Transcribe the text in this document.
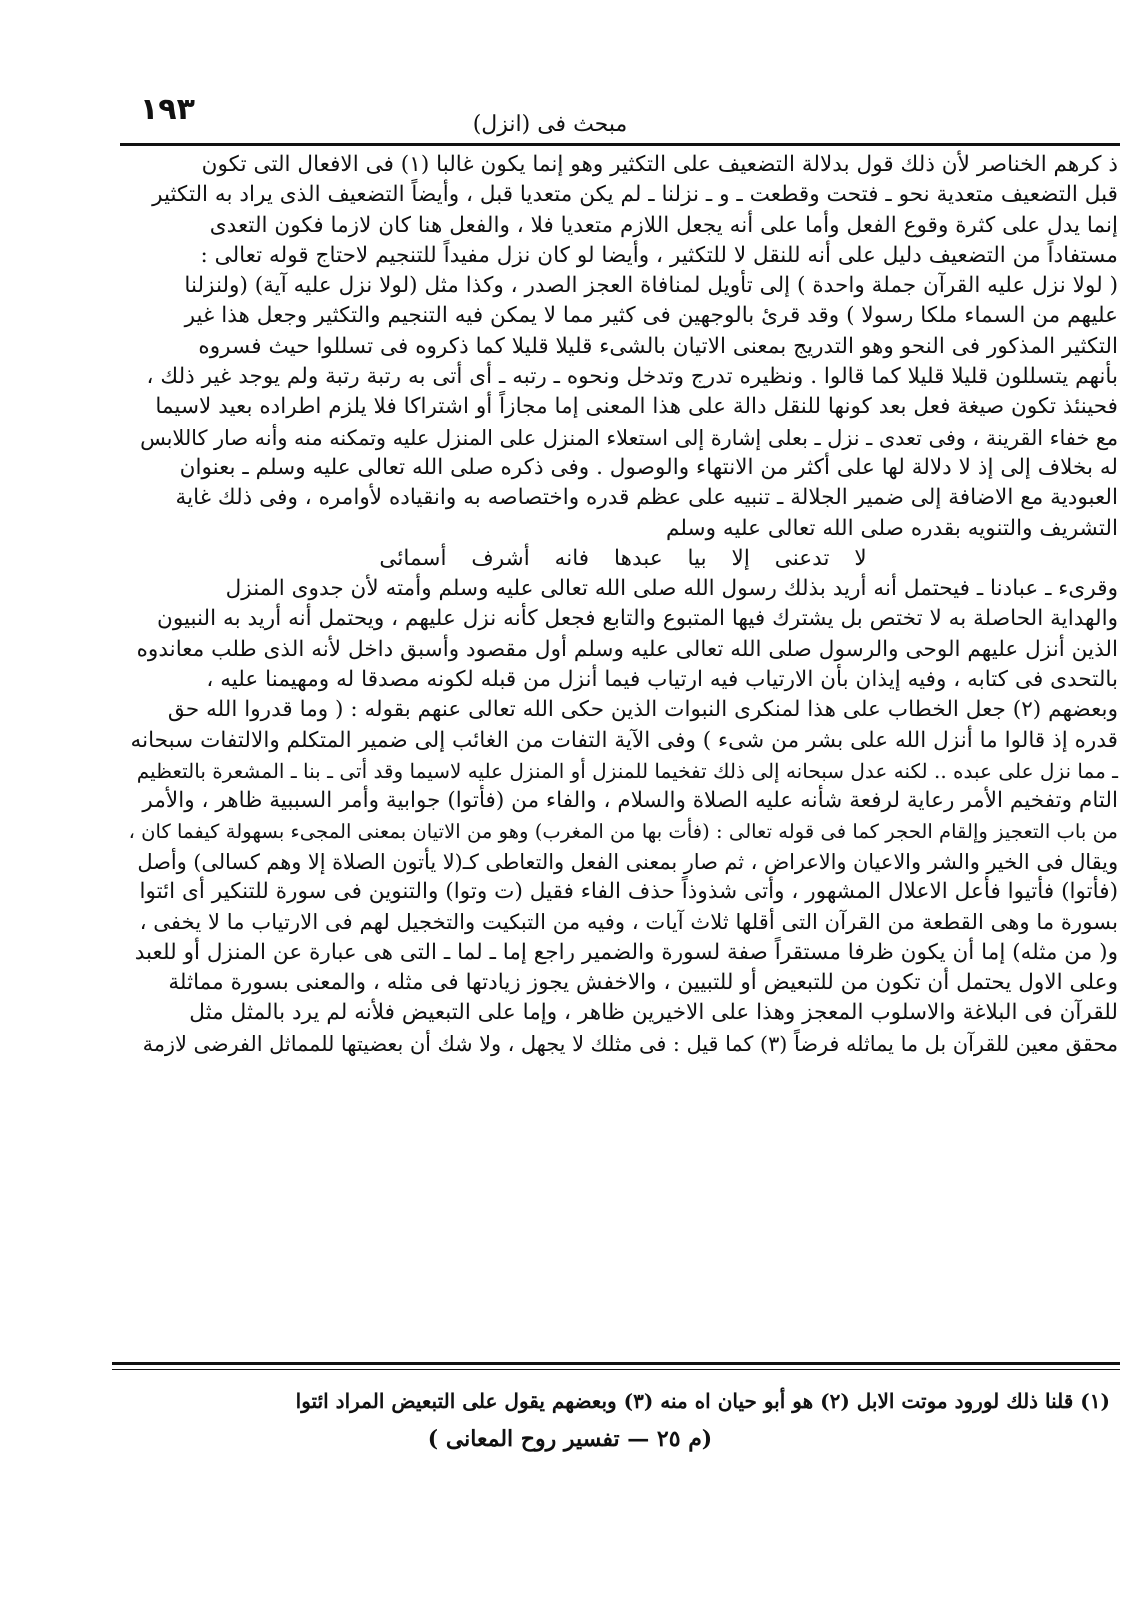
۱۹۳	مبحث فى (انزل)

ذ كرهم الخناصر لأن ذلك قول بدلالة التضعيف على التكثير وهو إنما يكون غالبا (١) فى الافعال التى تكون

قبل التضعيف متعدية نحو ـ فتحت وقطعت ـ و ـ نزلنا ـ لم يكن متعديا قبل ، وأيضاً التضعيف الذى يراد به التكثير

إنما يدل على كثرة وقوع الفعل وأما على أنه يجعل اللازم متعديا فلا ، والفعل هنا كان لازما فكون التعدى

مستفاداً من التضعيف دليل على أنه للنقل لا للتكثير ، وأيضا لو كان نزل مفيداً للتنجيم لاحتاج قوله تعالى :

( لولا نزل عليه القرآن جملة واحدة ) إلى تأويل لمنافاة العجز الصدر ، وكذا مثل (لولا نزل عليه آية) (ولنزلنا

عليهم من السماء ملكا رسولا ) وقد قرئ بالوجهين فى كثير مما لا يمكن فيه التنجيم والتكثير وجعل هذا غير

التكثير المذكور فى النحو وهو التدريج بمعنى الاتيان بالشىء قليلا قليلا كما ذكروه فى تسللوا حيث فسروه

بأنهم يتسللون قليلا قليلا كما قالوا . ونظيره تدرج وتدخل ونحوه ـ رتبه ـ أى أتى به رتبة رتبة ولم يوجد غير ذلك ،

فحينئذ تكون صيغة فعل بعد كونها للنقل دالة على هذا المعنى إما مجازاً أو اشتراكا فلا يلزم اطراده بعيد لاسيما

مع خفاء القرينة ، وفى تعدى ـ نزل ـ بعلى إشارة إلى استعلاء المنزل على المنزل عليه وتمكنه منه وأنه صار كاللابس

له بخلاف إلى إذ لا دلالة لها على أكثر من الانتهاء والوصول . وفى ذكره صلى الله تعالى عليه وسلم ـ بعنوان

العبودية مع الاضافة إلى ضمير الجلالة ـ تنبيه على عظم قدره واختصاصه به وانقياده لأوامره ، وفى ذلك غاية

التشريف والتنويه بقدره صلى الله تعالى عليه وسلم

لا تدعنى إلا بيا عبدها فانه أشرف أسمائى

وقرىء ـ عبادنا ـ فيحتمل أنه أريد بذلك رسول الله صلى الله تعالى عليه وسلم وأمته لأن جدوى المنزل

والهداية الحاصلة به لا تختص بل يشترك فيها المتبوع والتابع فجعل كأنه نزل عليهم ، ويحتمل أنه أريد به النبيون

الذين أنزل عليهم الوحى والرسول صلى الله تعالى عليه وسلم أول مقصود وأسبق داخل لأنه الذى طلب معاندوه

بالتحدى فى كتابه ، وفيه إيذان بأن الارتياب فيه ارتياب فيما أنزل من قبله لكونه مصدقا له ومهيمنا عليه ،

وبعضهم (٢) جعل الخطاب على هذا لمنكرى النبوات الذين حكى الله تعالى عنهم بقوله : ( وما قدروا الله حق

قدره إذ قالوا ما أنزل الله على بشر من شىء ) وفى الآية التفات من الغائب إلى ضمير المتكلم والالتفات سبحانه

ـ مما نزل على عبده .. لكنه عدل سبحانه إلى ذلك تفخيما للمنزل أو المنزل عليه لاسيما وقد أتى ـ بنا ـ المشعرة بالتعظيم

التام وتفخيم الأمر رعاية لرفعة شأنه عليه الصلاة والسلام ، والفاء من (فأتوا) جوابية وأمر السببية ظاهر ، والأمر

من باب التعجيز وإلقام الحجر كما فى قوله تعالى : (فأت بها من المغرب) وهو من الاتيان بمعنى المجىء بسهولة كيفما كان ،

ويقال فى الخير والشر والاعيان والاعراض ، ثم صار بمعنى الفعل والتعاطى كـ(لا يأتون الصلاة إلا وهم كسالى) وأصل

(فأتوا) فأتيوا فأعل الاعلال المشهور ، وأتى شذوذاً حذف الفاء فقيل (ت وتوا) والتنوين فى سورة للتنكير أى ائتوا

بسورة ما وهى القطعة من القرآن التى أقلها ثلاث آيات ، وفيه من التبكيت والتخجيل لهم فى الارتياب ما لا يخفى ،

و( من مثله) إما أن يكون ظرفا مستقراً صفة لسورة والضمير راجع إما ـ لما ـ التى هى عبارة عن المنزل أو للعبد

وعلى الاول يحتمل أن تكون من للتبعيض أو للتبيين ، والاخفش يجوز زيادتها فى مثله ، والمعنى بسورة مماثلة

للقرآن فى البلاغة والاسلوب المعجز وهذا على الاخيرين ظاهر ، وإما على التبعيض فلأنه لم يرد بالمثل مثل

محقق معين للقرآن بل ما يماثله فرضاً (٣) كما قيل : فى مثلك لا يجهل ، ولا شك أن بعضيتها للمماثل الفرضى لازمة

(١) قلنا ذلك لورود موتت الابل (٢) هو أبو حيان اه منه (٣) وبعضهم يقول على التبعيض المراد ائتوا
(م ٢٥ — تفسير روح المعانى )
